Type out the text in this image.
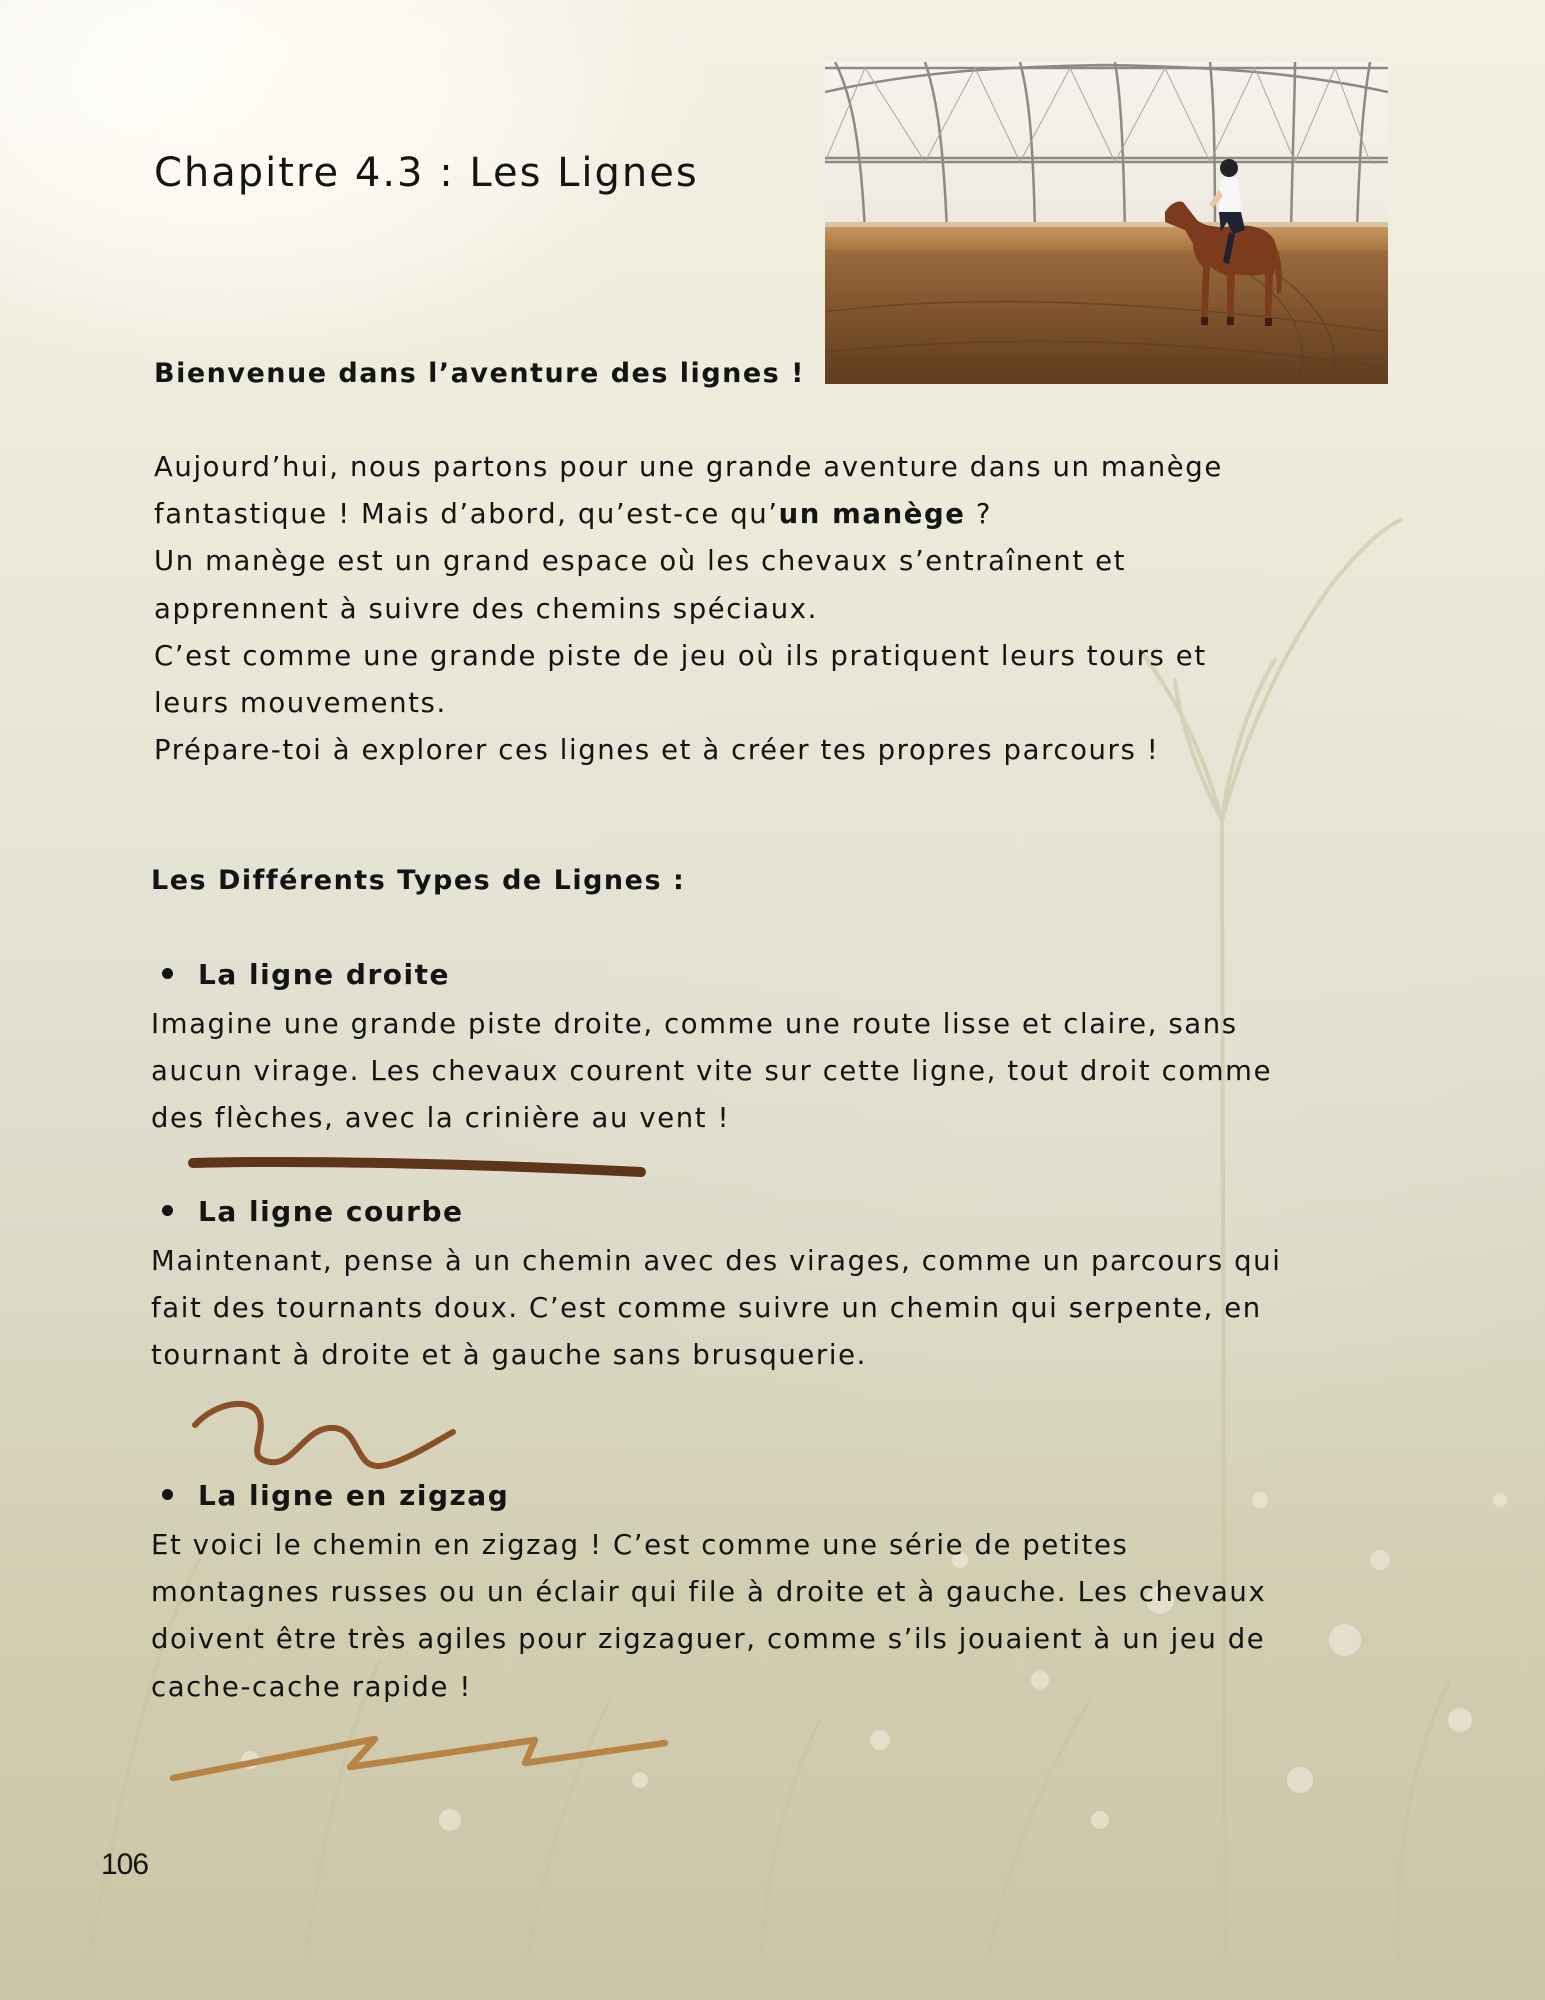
Chapitre 4.3 : Les Lignes

Bienvenue dans l’aventure des lignes !

Aujourd’hui, nous partons pour une grande aventure dans un manège
fantastique ! Mais d’abord, qu’est-ce qu’un manège ?
Un manège est un grand espace où les chevaux s’entraînent et
apprennent à suivre des chemins spéciaux.
C’est comme une grande piste de jeu où ils pratiquent leurs tours et
leurs mouvements.
Prépare-toi à explorer ces lignes et à créer tes propres parcours !

Les Différents Types de Lignes :

La ligne droite

Imagine une grande piste droite, comme une route lisse et claire, sans
aucun virage. Les chevaux courent vite sur cette ligne, tout droit comme
des flèches, avec la crinière au vent !

La ligne courbe

Maintenant, pense à un chemin avec des virages, comme un parcours qui
fait des tournants doux. C’est comme suivre un chemin qui serpente, en
tournant à droite et à gauche sans brusquerie.

La ligne en zigzag

Et voici le chemin en zigzag ! C’est comme une série de petites
montagnes russes ou un éclair qui file à droite et à gauche. Les chevaux
doivent être très agiles pour zigzaguer, comme s’ils jouaient à un jeu de
cache-cache rapide !
106
